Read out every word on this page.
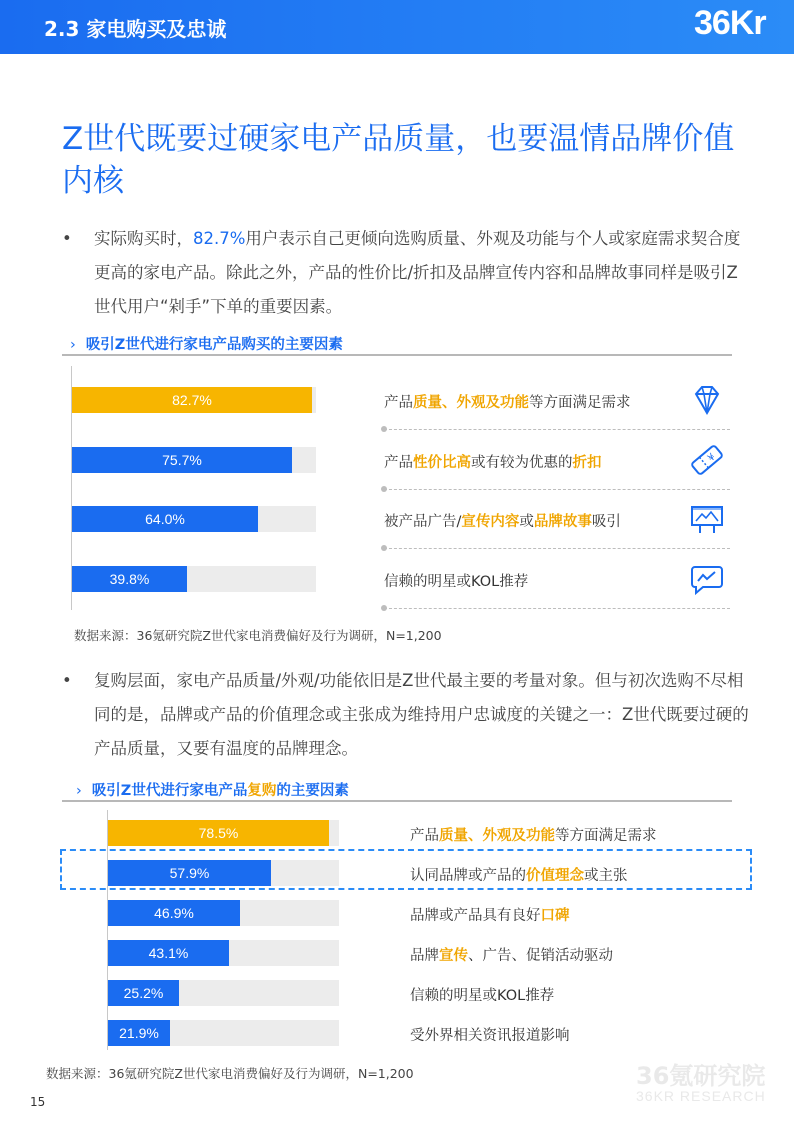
2.3 家电购买及忠诚	36Kr
Z世代既要过硬家电产品质量，也要温情品牌价值内核
• 实际购买时，82.7%用户表示自己更倾向选购质量、外观及功能与个人或家庭需求契合度更高的家电产品。除此之外，产品的性价比/折扣及品牌宣传内容和品牌故事同样是吸引Z世代用户“剁手”下单的重要因素。
› 吸引Z世代进行家电产品购买的主要因素
82.7%	产品质量、外观及功能等方面满足需求
75.7%	产品性价比高或有较为优惠的折扣	¥
64.0%	被产品广告/宣传内容或品牌故事吸引
39.8%	信赖的明星或KOL推荐
数据来源：36氪研究院Z世代家电消费偏好及行为调研，N=1,200
• 复购层面，家电产品质量/外观/功能依旧是Z世代最主要的考量对象。但与初次选购不尽相同的是，品牌或产品的价值理念或主张成为维持用户忠诚度的关键之一：Z世代既要过硬的产品质量，又要有温度的品牌理念。
› 吸引Z世代进行家电产品复购的主要因素
78.5%	产品质量、外观及功能等方面满足需求
57.9%	认同品牌或产品的价值理念或主张
46.9%	品牌或产品具有良好口碑
43.1%	品牌宣传、广告、促销活动驱动
25.2%	信赖的明星或KOL推荐
21.9%	受外界相关资讯报道影响
数据来源：36氪研究院Z世代家电消费偏好及行为调研，N=1,200	36氪研究院
36KR RESEARCH
15
